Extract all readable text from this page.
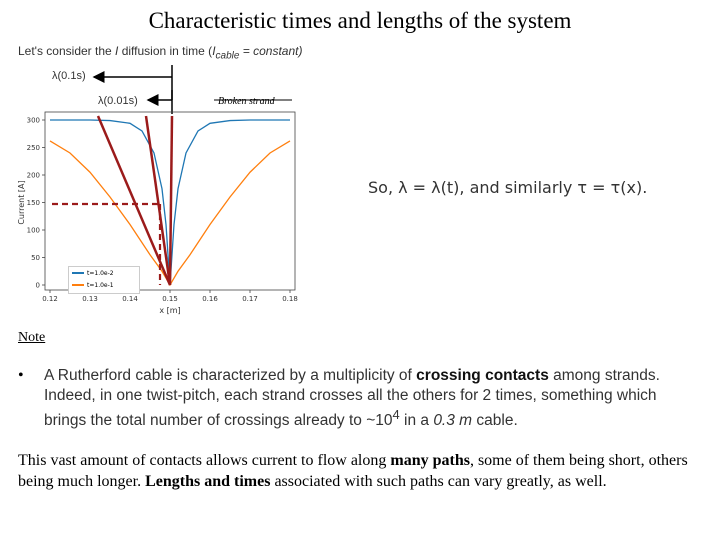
Characteristic times and lengths of the system
Let's consider the I diffusion in time ($I_{cable}$ = constant)
λ(0.1s)
λ(0.01s)	Broken strand
0.12	0.13	0.14	0.15	0.16	0.17	0.18
0
50
100
150
200
250
300
x [m]
Current [A]
t=1.0e-2
t=1.0e-1
So, λ = λ(t), and similarly τ = τ(x).
Note
• A Rutherford cable is characterized by a multiplicity of crossing contacts among strands. Indeed, in one twist-pitch, each strand crosses all the others for 2 times, something which brings the total number of crossings already to $\sim 10^4$ in a 0.3 m cable.
This vast amount of contacts allows current to flow along many paths, some of them being short, others being much longer. Lengths and times associated with such paths can vary greatly, as well.
